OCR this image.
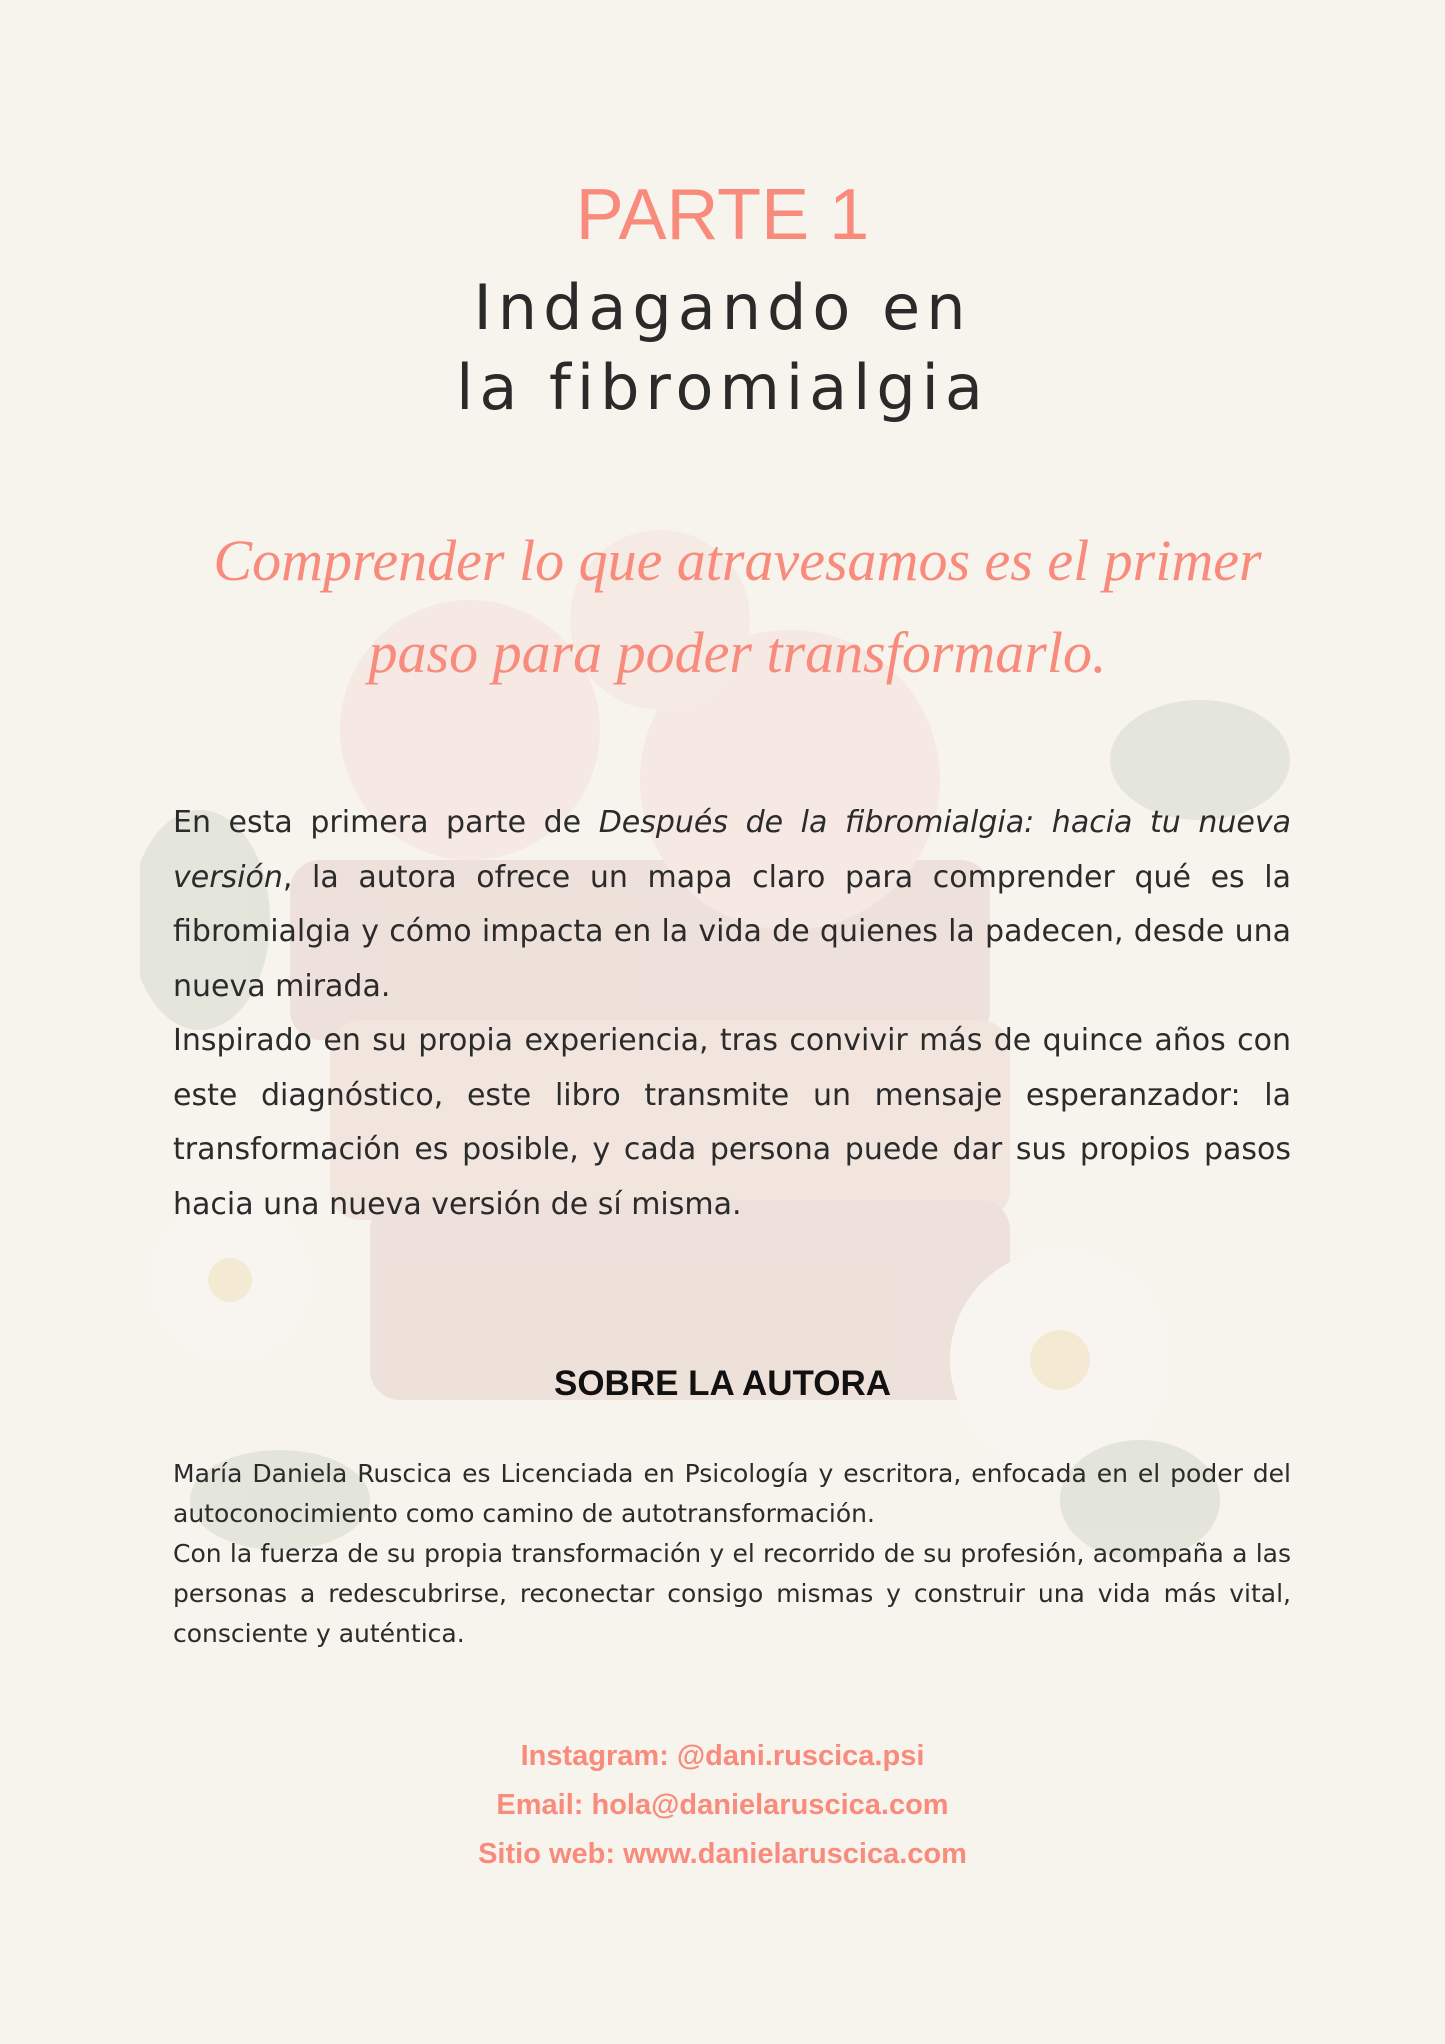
PARTE 1
Indagando en
la fibromialgia
Comprender lo que atravesamos es el primer
paso para poder transformarlo.

En esta primera parte de Después de la fibromialgia: hacia tu nueva versión, la autora ofrece un mapa claro para comprender qué es la fibromialgia y cómo impacta en la vida de quienes la padecen, desde una nueva mirada.

Inspirado en su propia experiencia, tras convivir más de quince años con este diagnóstico, este libro transmite un mensaje esperanzador: la transformación es posible, y cada persona puede dar sus propios pasos hacia una nueva versión de sí misma.

SOBRE LA AUTORA

María Daniela Ruscica es Licenciada en Psicología y escritora, enfocada en el poder del autoconocimiento como camino de autotransformación.

Con la fuerza de su propia transformación y el recorrido de su profesión, acompaña a las personas a redescubrirse, reconectar consigo mismas y construir una vida más vital, consciente y auténtica.

Instagram: @dani.ruscica.psi
Email: hola@danielaruscica.com
Sitio web: www.danielaruscica.com
